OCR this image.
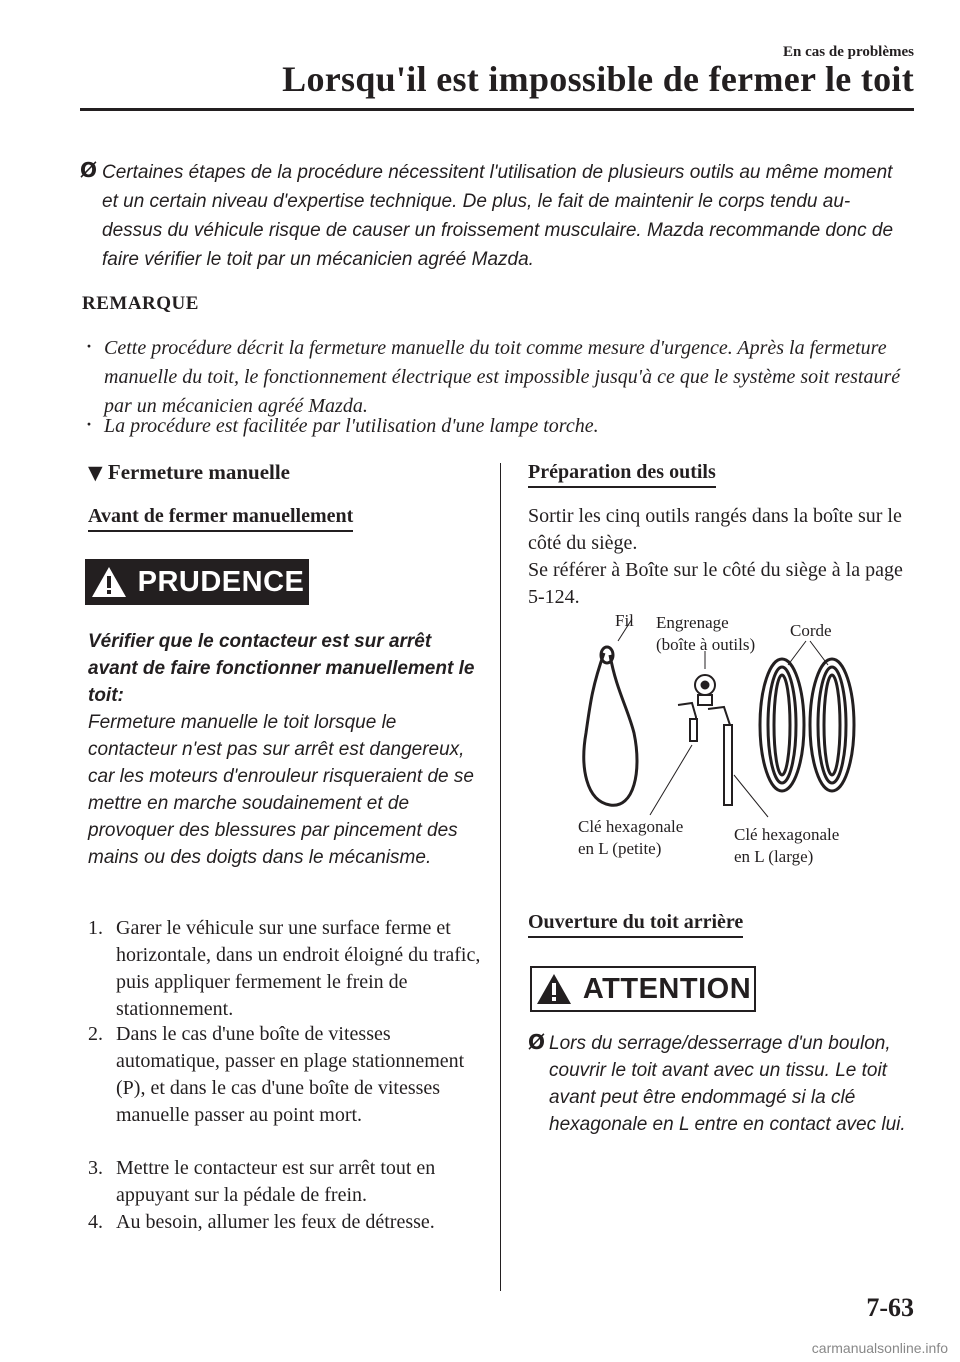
En cas de problèmes
Lorsqu'il est impossible de fermer le toit
Ø Certaines étapes de la procédure nécessitent l'utilisation de plusieurs outils au même moment et un certain niveau d'expertise technique. De plus, le fait de maintenir le corps tendu au-dessus du véhicule risque de causer un froissement musculaire. Mazda recommande donc de faire vérifier le toit par un mécanicien agréé Mazda.
REMARQUE
· Cette procédure décrit la fermeture manuelle du toit comme mesure d'urgence. Après la fermeture manuelle du toit, le fonctionnement électrique est impossible jusqu'à ce que le système soit restauré par un mécanicien agréé Mazda.
· La procédure est facilitée par l'utilisation d'une lampe torche.
▼ Fermeture manuelle
Avant de fermer manuellement
PRUDENCE
Vérifier que le contacteur est sur arrêt avant de faire fonctionner manuellement le toit:
Fermeture manuelle le toit lorsque le contacteur n'est pas sur arrêt est dangereux, car les moteurs d'enrouleur risqueraient de se mettre en marche soudainement et de provoquer des blessures par pincement des mains ou des doigts dans le mécanisme.
1. Garer le véhicule sur une surface ferme et horizontale, dans un endroit éloigné du trafic, puis appliquer fermement le frein de stationnement.
2. Dans le cas d'une boîte de vitesses automatique, passer en plage stationnement (P), et dans le cas d'une boîte de vitesses manuelle passer au point mort.
3. Mettre le contacteur est sur arrêt tout en appuyant sur la pédale de frein.
4. Au besoin, allumer les feux de détresse.
Préparation des outils
Sortir les cinq outils rangés dans la boîte sur le côté du siège.
Se référer à Boîte sur le côté du siège à la page 5-124.
Fil Engrenage
(boîte à outils)
Corde
Clé hexagonale
en L (petite)
Clé hexagonale
en L (large)
Ouverture du toit arrière
ATTENTION
Ø Lors du serrage/desserrage d'un boulon, couvrir le toit avant avec un tissu. Le toit avant peut être endommagé si la clé hexagonale en L entre en contact avec lui.
7-63
carmanualsonline.info
